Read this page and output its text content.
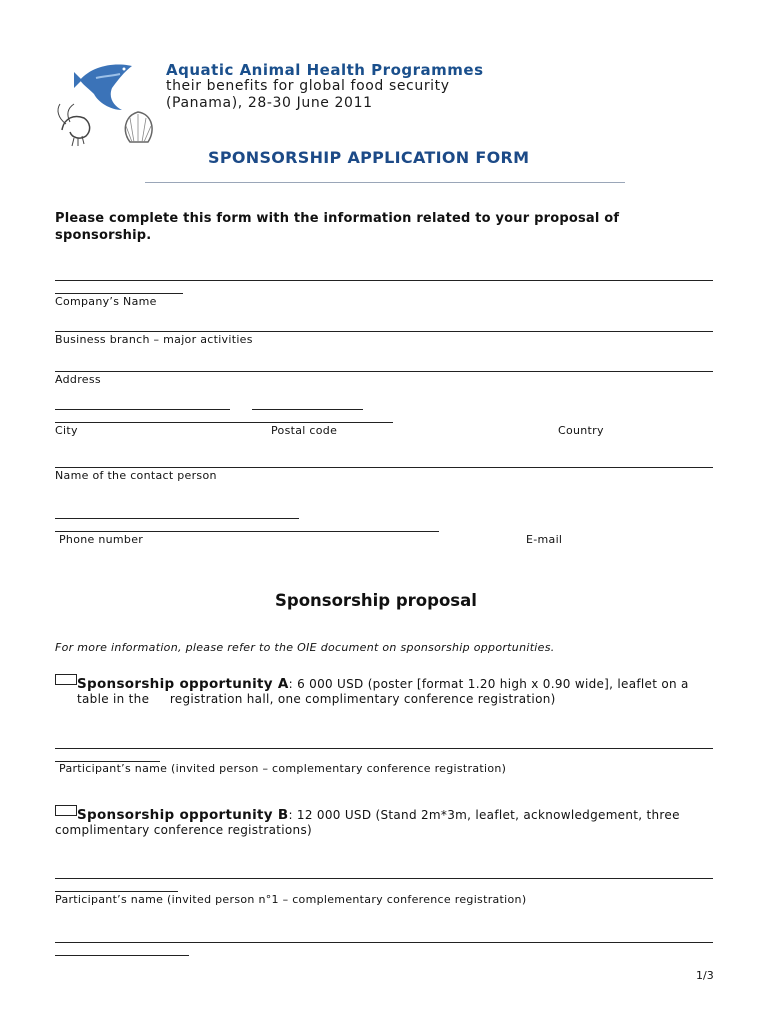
Aquatic Animal Health Programmes
their benefits for global food security
(Panama), 28-30 June 2011
SPONSORSHIP APPLICATION FORM
Please complete this form with the information related to your proposal of
sponsorship.
Company’s Name
Business branch – major activities
Address
City	Postal code	Country
Name of the contact person
Phone number	E-mail
Sponsorship proposal
For more information, please refer to the OIE document on sponsorship opportunities.
Sponsorship opportunity A: 6 000 USD (poster [format 1.20 high x 0.90 wide], leaflet on a
table in the     registration hall, one complimentary conference registration)
Participant’s name (invited person – complementary conference registration)
Sponsorship opportunity B: 12 000 USD (Stand 2m*3m, leaflet, acknowledgement, three
complimentary conference registrations)
Participant’s name (invited person n°1 – complementary conference registration)
1/3
